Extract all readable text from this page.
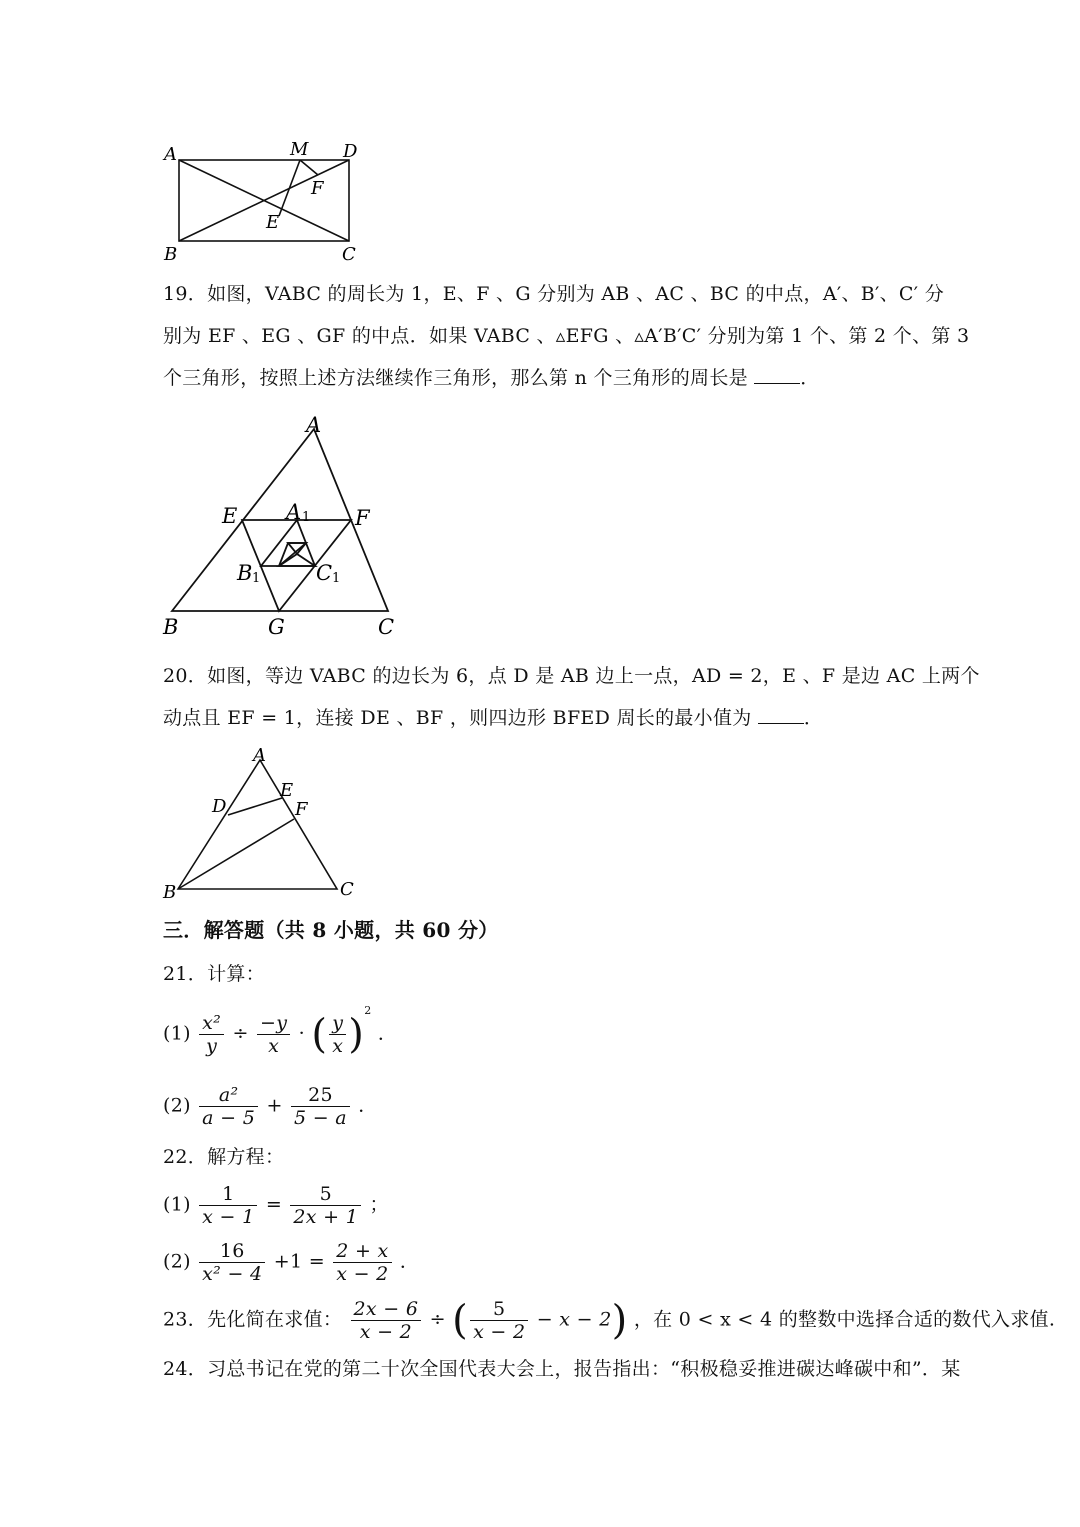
A	M D
F
E
B	C
19．如图，VABC 的周长为 1，E、F 、G 分别为 AB 、AC 、BC 的中点，A′、B′、C′ 分
别为 EF 、EG 、GF 的中点．如果 VABC 、▵EFG 、▵A′B′C′ 分别为第 1 个、第 2 个、第 3
个三角形，按照上述方法继续作三角形，那么第 n 个三角形的周长是	．
A
E A 1 F
B 1	C 1
B	G	C
20．如图，等边 VABC 的边长为 6，点 D 是 AB 边上一点，AD = 2，E 、F 是边 AC 上两个
动点且 EF = 1，连接 DE 、BF ，则四边形 BFED 周长的最小值为	．
A
D
E
F
B	C
三．解答题（共 8 小题，共 60 分）
21．计算：
$(1) \frac{\text{x²}}{y} \div \frac{-y}{x}$ · ( $\frac{y}{x} )^2$ ．
$(2) \frac{\text{a²}}{a - 5} + \frac{25}{5 - a}$ ．
22．解方程：
$(1) \frac{1}{x - 1} = \frac{5}{2x + 1}$ ；
$(2) \frac{16}{\text{x² − 4}} +1 = \frac{2 + x}{x - 2}$ ．
23．先化简在求值： $\frac{2x - 6}{x - 2}$ ÷ ( $\frac{5}{x - 2} - x - 2$) ，在 0 < x < 4 的整数中选择合适的数代入求值.
24．习总书记在党的第二十次全国代表大会上，报告指出：“积极稳妥推进碳达峰碳中和”．某
